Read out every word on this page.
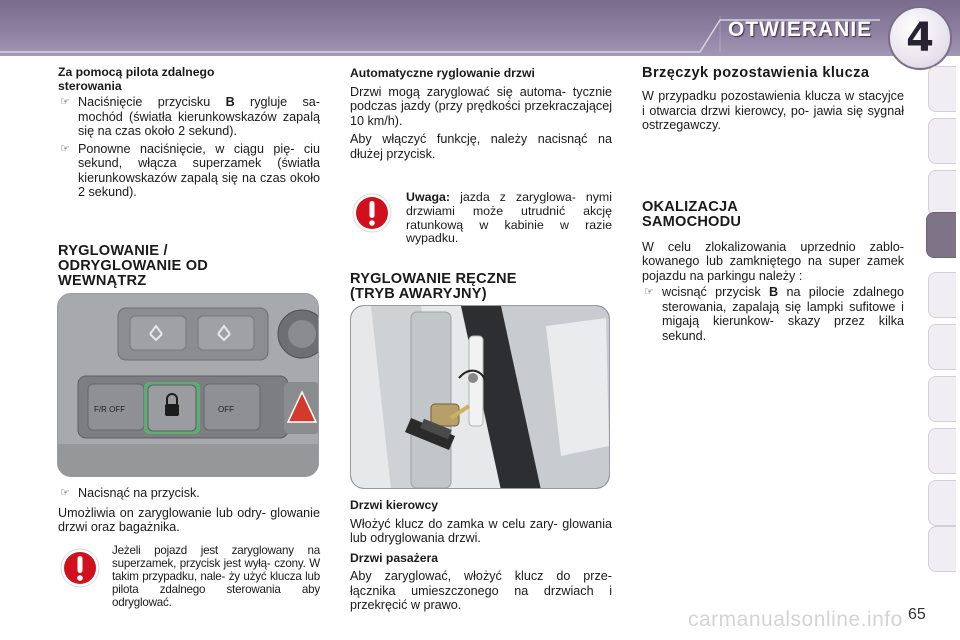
OTWIERANIE 4
Za pomocą pilota zdalnego sterowania
☞ Naciśnięcie przycisku B rygluje sa- mochód (światła kierunkowskazów zapalą się na czas około 2 sekund).
☞ Ponowne naciśnięcie, w ciągu pię- ciu sekund, włącza superzamek (światła kierunkowskazów zapalą się na czas około 2 sekund).
RYGLOWANIE /
ODRYGLOWANIE OD
WEWNĄTRZ
F/R OFF	OFF
☞ Nacisnąć na przycisk.

Umożliwia on zaryglowanie lub odry- glowanie drzwi oraz bagażnika.

Jeżeli pojazd jest zaryglowany na superzamek, przycisk jest wyłą- czony. W takim przypadku, nale- ży użyć klucza lub pilota zdalnego sterowania aby odryglować.
Automatyczne ryglowanie drzwi

Drzwi mogą zaryglować się automa- tycznie podczas jazdy (przy prędkości przekraczającej 10 km/h).

Aby włączyć funkcję, należy nacisnąć na dłużej przycisk.

Uwaga: jazda z zaryglowa- nymi drzwiami może utrudnić akcję ratunkową w kabinie w razie wypadku.
RYGLOWANIE RĘCZNE
(TRYB AWARYJNY)
Drzwi kierowcy

Włożyć klucz do zamka w celu zary- glowania lub odryglowania drzwi.

Drzwi pasażera

Aby zaryglować, włożyć klucz do prze- łącznika umieszczonego na drzwiach i przekręcić w prawo.

Brzęczyk pozostawienia klucza

W przypadku pozostawienia klucza w stacyjce i otwarcia drzwi kierowcy, po- jawia się sygnał ostrzegawczy.

OKALIZACJA
SAMOCHODU

W celu zlokalizowania uprzednio zablo- kowanego lub zamkniętego na super zamek pojazdu na parkingu należy :

☞ wcisnąć przycisk B na pilocie zdalnego sterowania, zapalają się lampki sufitowe i migają kierunkow- skazy przez kilka sekund.
carmanualsonline.info 65
